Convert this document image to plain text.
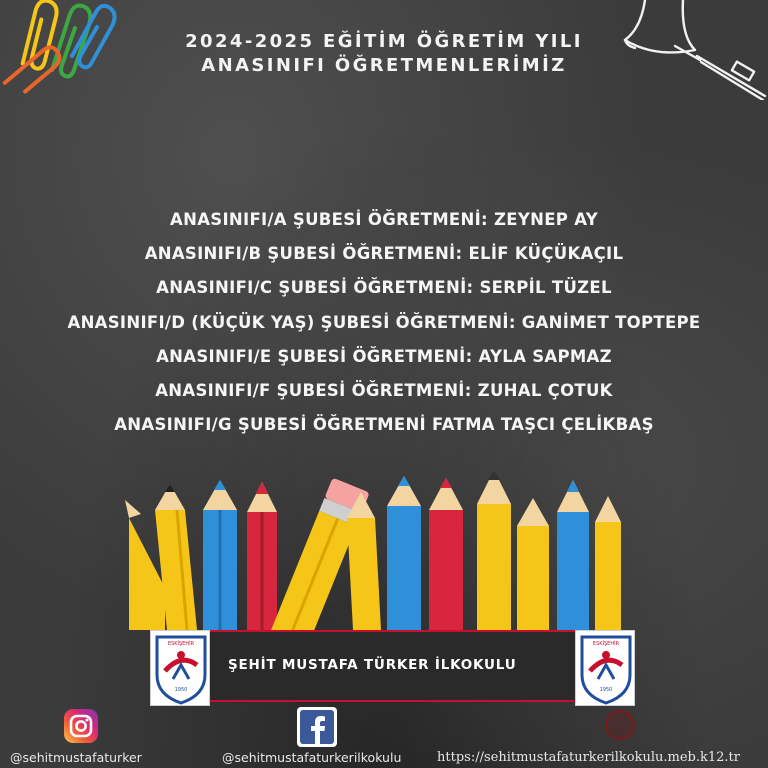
2024-2025 EĞİTİM ÖĞRETİM YILI
ANASINIFI ÖĞRETMENLERİMİZ
ANASINIFI/A ŞUBESİ ÖĞRETMENİ: ZEYNEP AY
ANASINIFI/B ŞUBESİ ÖĞRETMENİ: ELİF KÜÇÜKAÇIL
ANASINIFI/C ŞUBESİ ÖĞRETMENİ: SERPİL TÜZEL
ANASINIFI/D (KÜÇÜK YAŞ) ŞUBESİ ÖĞRETMENİ: GANİMET TOPTEPE
ANASINIFI/E ŞUBESİ ÖĞRETMENİ: AYLA SAPMAZ
ANASINIFI/F ŞUBESİ ÖĞRETMENİ: ZUHAL ÇOTUK
ANASINIFI/G ŞUBESİ ÖĞRETMENİ FATMA TAŞCI ÇELİKBAŞ
ŞEHİT MUSTAFA TÜRKER İLKOKULU
ESKİŞEHİR
1950
ESKİŞEHİR
1950
@sehitmustafaturker	@sehitmustafaturkerilkokulu	https://sehitmustafaturkerilkokulu.meb.k12.tr
